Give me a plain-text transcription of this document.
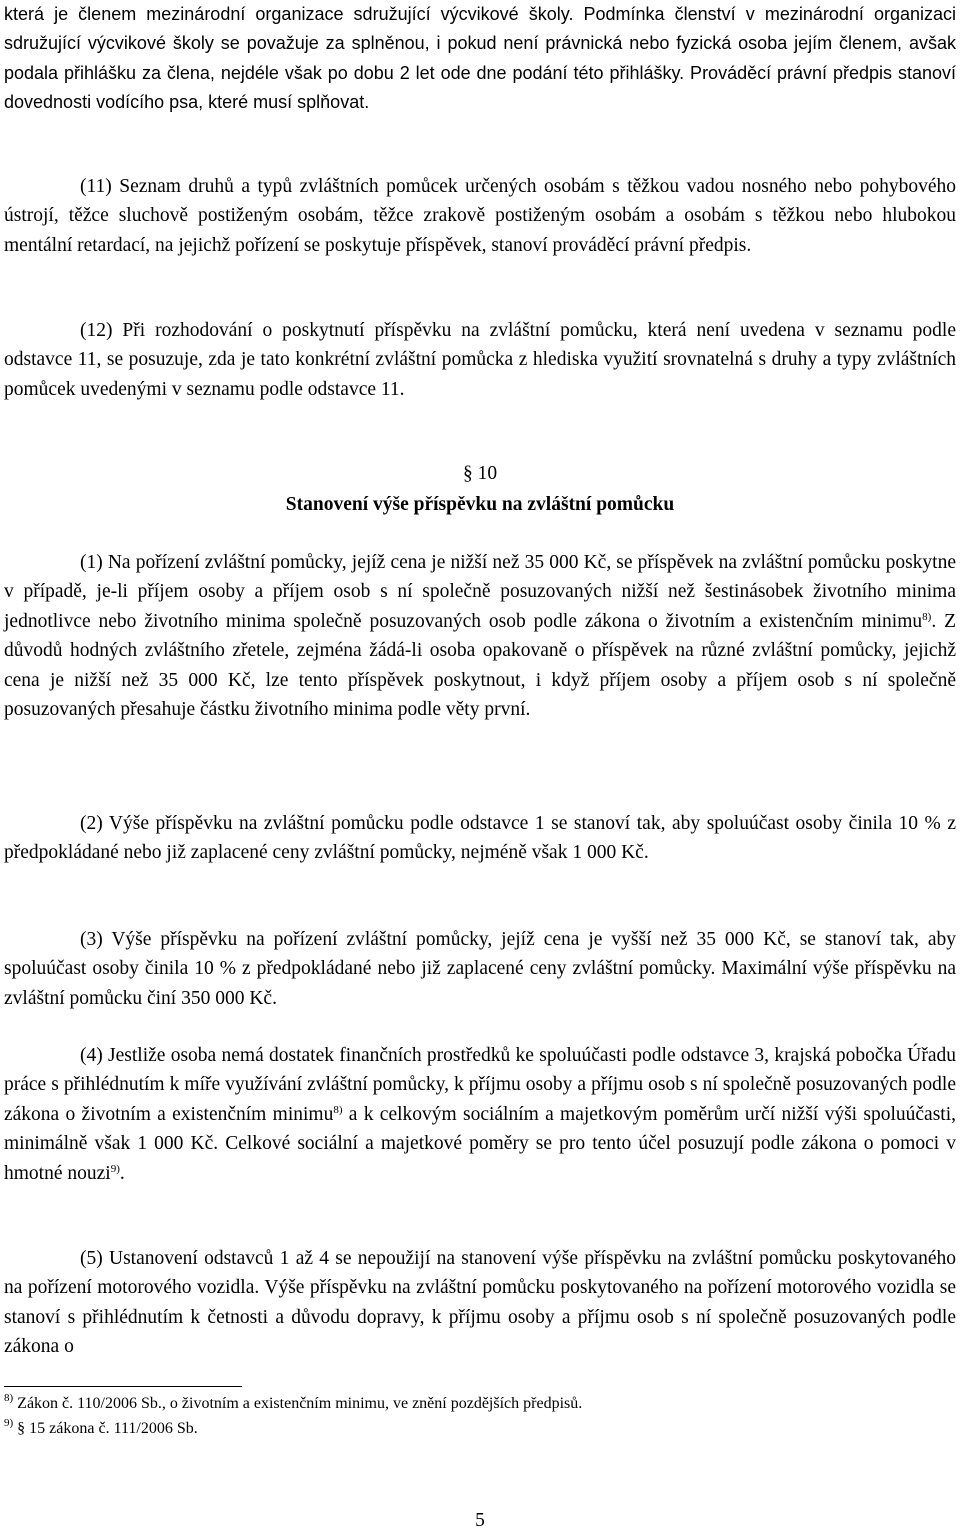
která je členem mezinárodní organizace sdružující výcvikové školy. Podmínka členství v mezinárodní organizaci sdružující výcvikové školy se považuje za splněnou, i pokud není právnická nebo fyzická osoba jejím členem, avšak podala přihlášku za člena, nejdéle však po dobu 2 let ode dne podání této přihlášky. Prováděcí právní předpis stanoví dovednosti vodícího psa, které musí splňovat.

(11) Seznam druhů a typů zvláštních pomůcek určených osobám s těžkou vadou nosného nebo pohybového ústrojí, těžce sluchově postiženým osobám, těžce zrakově postiženým osobám a osobám s těžkou nebo hlubokou mentální retardací, na jejichž pořízení se poskytuje příspěvek, stanoví prováděcí právní předpis.

(12) Při rozhodování o poskytnutí příspěvku na zvláštní pomůcku, která není uvedena v seznamu podle odstavce 11, se posuzuje, zda je tato konkrétní zvláštní pomůcka z hlediska využití srovnatelná s druhy a typy zvláštních pomůcek uvedenými v seznamu podle odstavce 11.

§ 10
Stanovení výše příspěvku na zvláštní pomůcku

(1) Na pořízení zvláštní pomůcky, jejíž cena je nižší než 35 000 Kč, se příspěvek na zvláštní pomůcku poskytne v případě, je-li příjem osoby a příjem osob s ní společně posuzovaných nižší než šestinásobek životního minima jednotlivce nebo životního minima společně posuzovaných osob podle zákona o životním a existenčním minimu$^{8)}$. Z důvodů hodných zvláštního zřetele, zejména žádá-li osoba opakovaně o příspěvek na různé zvláštní pomůcky, jejichž cena je nižší než 35 000 Kč, lze tento příspěvek poskytnout, i když příjem osoby a příjem osob s ní společně posuzovaných přesahuje částku životního minima podle věty první.

(2) Výše příspěvku na zvláštní pomůcku podle odstavce 1 se stanoví tak, aby spoluúčast osoby činila 10 % z předpokládané nebo již zaplacené ceny zvláštní pomůcky, nejméně však 1 000 Kč.

(3) Výše příspěvku na pořízení zvláštní pomůcky, jejíž cena je vyšší než 35 000 Kč, se stanoví tak, aby spoluúčast osoby činila 10 % z předpokládané nebo již zaplacené ceny zvláštní pomůcky. Maximální výše příspěvku na zvláštní pomůcku činí 350 000 Kč.

(4) Jestliže osoba nemá dostatek finančních prostředků ke spoluúčasti podle odstavce 3, krajská pobočka Úřadu práce s přihlédnutím k míře využívání zvláštní pomůcky, k příjmu osoby a příjmu osob s ní společně posuzovaných podle zákona o životním a existenčním minimu$^{8)}$ a k celkovým sociálním a majetkovým poměrům určí nižší výši spoluúčasti, minimálně však 1 000 Kč. Celkové sociální a majetkové poměry se pro tento účel posuzují podle zákona o pomoci v hmotné nouzi$^{9)}$.

(5) Ustanovení odstavců 1 až 4 se nepoužijí na stanovení výše příspěvku na zvláštní pomůcku poskytovaného na pořízení motorového vozidla. Výše příspěvku na zvláštní pomůcku poskytovaného na pořízení motorového vozidla se stanoví s přihlédnutím k četnosti a důvodu dopravy, k příjmu osoby a příjmu osob s ní společně posuzovaných podle zákona o

$^{8)}$ Zákon č. 110/2006 Sb., o životním a existenčním minimu, ve znění pozdějších předpisů.
$^{9)}$ § 15 zákona č. 111/2006 Sb.
5
